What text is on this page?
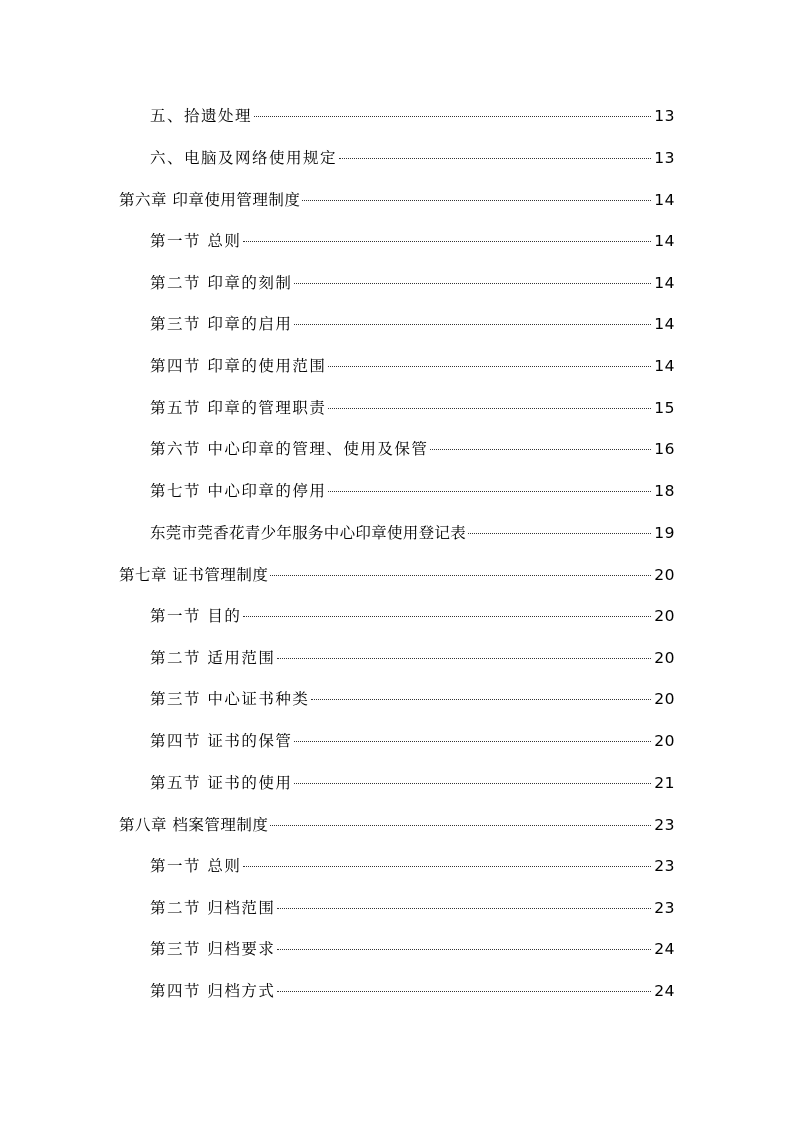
五、拾遗处理	13
六、电脑及网络使用规定	13
第六章 印章使用管理制度	14
第一节 总则	14
第二节 印章的刻制	14
第三节 印章的启用	14
第四节 印章的使用范围	14
第五节 印章的管理职责	15
第六节 中心印章的管理、使用及保管	16
第七节 中心印章的停用	18
东莞市莞香花青少年服务中心印章使用登记表	19
第七章 证书管理制度	20
第一节 目的	20
第二节 适用范围	20
第三节 中心证书种类	20
第四节 证书的保管	20
第五节 证书的使用	21
第八章 档案管理制度	23
第一节 总则	23
第二节 归档范围	23
第三节 归档要求	24
第四节 归档方式	24
